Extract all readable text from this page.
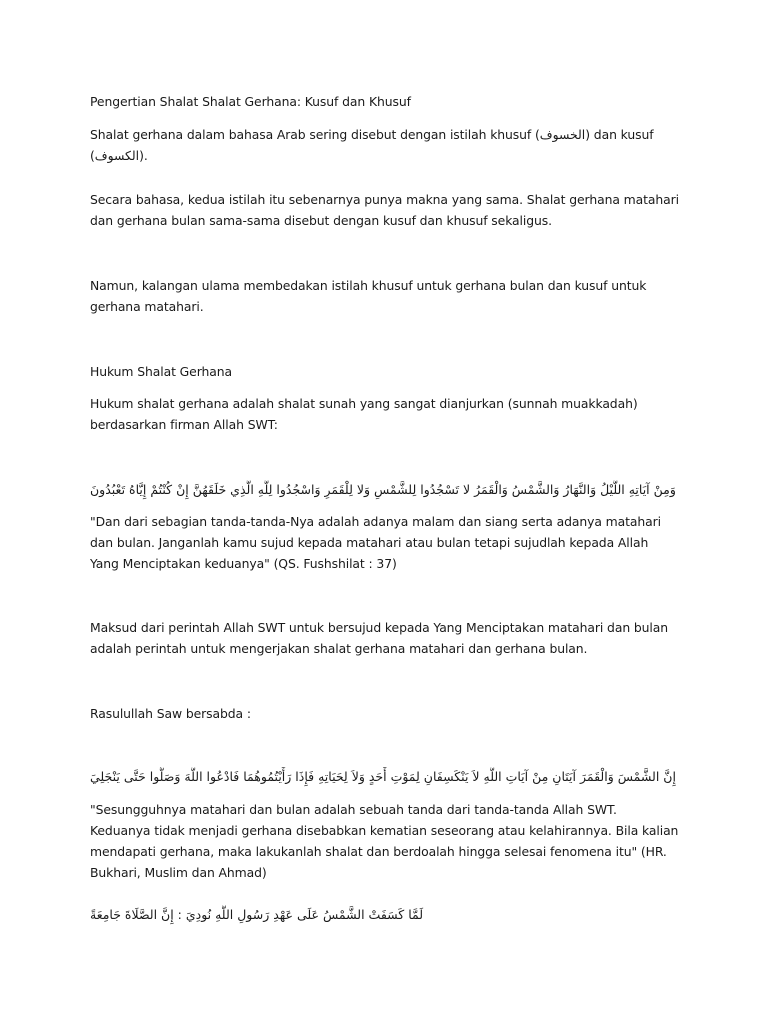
Pengertian Shalat Shalat Gerhana: Kusuf dan Khusuf

Shalat gerhana dalam bahasa Arab sering disebut dengan istilah khusuf (الخسوف) dan kusuf (الكسوف).

Secara bahasa, kedua istilah itu sebenarnya punya makna yang sama. Shalat gerhana matahari dan gerhana bulan sama-sama disebut dengan kusuf dan khusuf sekaligus.

Namun, kalangan ulama membedakan istilah khusuf untuk gerhana bulan dan kusuf untuk gerhana matahari.

Hukum Shalat Gerhana

Hukum shalat gerhana adalah shalat sunah yang sangat dianjurkan (sunnah muakkadah) berdasarkan firman Allah SWT:

وَمِنْ آيَاتِهِ اللَّيْلُ وَالنَّهَارُ وَالشَّمْسُ وَالْقَمَرُ لا تَسْجُدُوا لِلشَّمْسِ وَلا لِلْقَمَرِ وَاسْجُدُوا لِلَّهِ الَّذِي خَلَقَهُنَّ إِنْ كُنْتُمْ إِيَّاهُ تَعْبُدُونَ

"Dan dari sebagian tanda-tanda-Nya adalah adanya malam dan siang serta adanya matahari dan bulan. Janganlah kamu sujud kepada matahari atau bulan tetapi sujudlah kepada Allah Yang Menciptakan keduanya" (QS. Fushshilat : 37)

Maksud dari perintah Allah SWT untuk bersujud kepada Yang Menciptakan matahari dan bulan adalah perintah untuk mengerjakan shalat gerhana matahari dan gerhana bulan.

Rasulullah Saw bersabda :

إِنَّ الشَّمْسَ وَالْقَمَرَ آيَتَانِ مِنْ آيَاتِ اللَّهِ لاَ يَنْكَسِفَانِ لِمَوْتِ أَحَدٍ وَلاَ لِحَيَاتِهِ فَإِذَا رَأَيْتُمُوهُمَا فَادْعُوا اللَّهَ وَصَلُّوا حَتَّى يَنْجَلِيَ

"Sesungguhnya matahari dan bulan adalah sebuah tanda dari tanda-tanda Allah SWT. Keduanya tidak menjadi gerhana disebabkan kematian seseorang atau kelahirannya. Bila kalian mendapati gerhana, maka lakukanlah shalat dan berdoalah hingga selesai fenomena itu" (HR. Bukhari, Muslim dan Ahmad)

لَمَّا كَسَفَتْ الشَّمْسُ عَلَى عَهْدِ رَسُولِ اللَّهِ نُودِيَ : إِنَّ الصَّلَاةَ جَامِعَةً
